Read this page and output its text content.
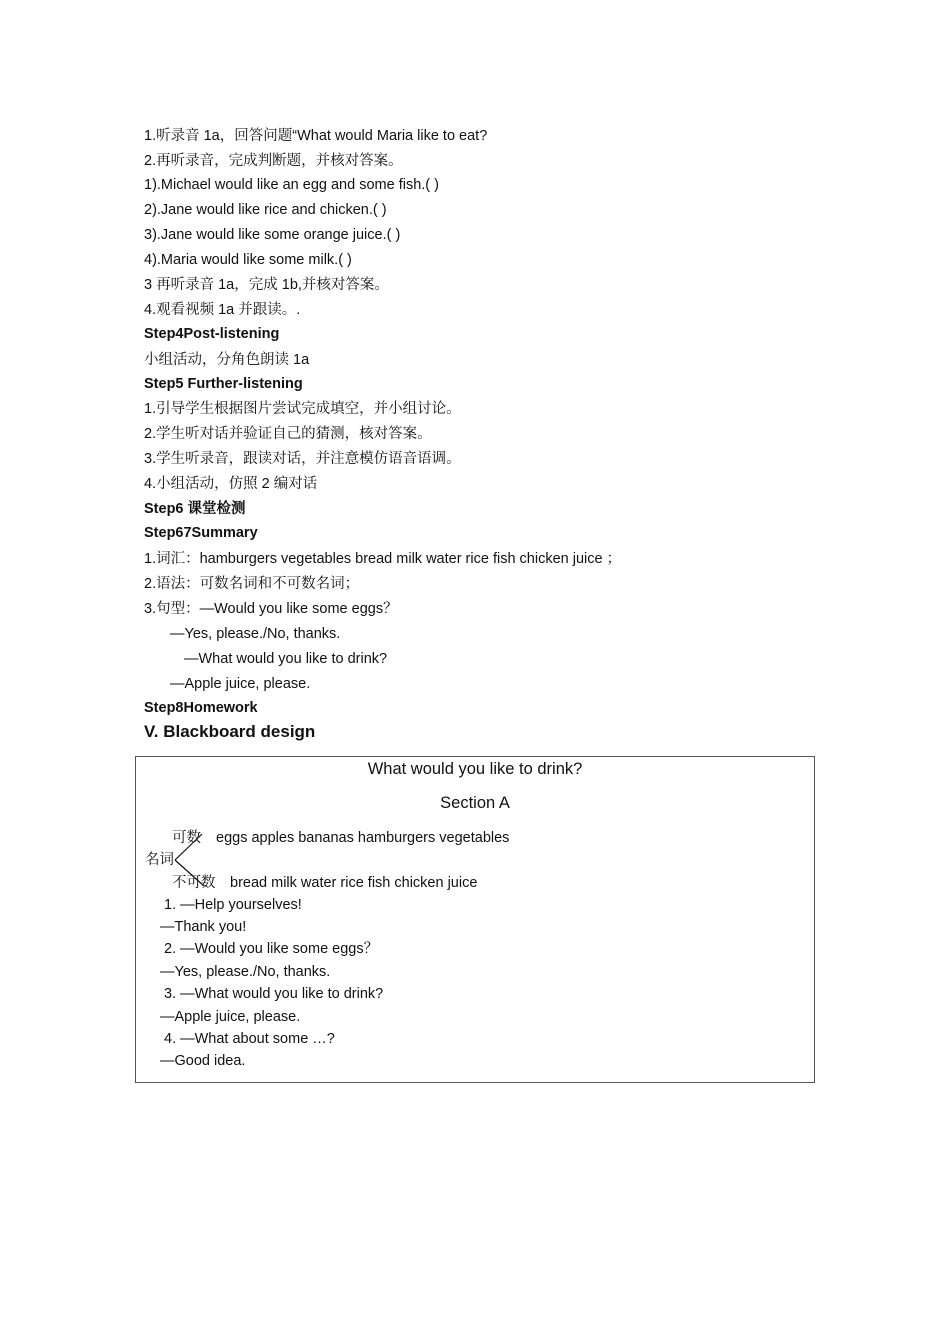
1.听录音 1a，回答问题“What would Maria like to eat?
2.再听录音，完成判断题，并核对答案。
1).Michael would like an egg and some fish.( )
2).Jane would like rice and chicken.( )
3).Jane would like some orange juice.( )
4).Maria would like some milk.( )
3 再听录音 1a，完成 1b,并核对答案。
4.观看视频 1a 并跟读。.
Step4Post-listening
小组活动，分角色朗读 1a
Step5 Further-listening
1.引导学生根据图片尝试完成填空，并小组讨论。
2.学生听对话并验证自己的猜测，核对答案。
3.学生听录音，跟读对话，并注意模仿语音语调。
4.小组活动，仿照 2 编对话
Step6 课堂检测
Step67Summary
1.词汇：hamburgers vegetables bread milk water rice fish chicken juice ；
2.语法：可数名词和不可数名词；
3.句型：—Would you like some eggs？
—Yes, please./No, thanks.
—What would you like to drink?
—Apple juice, please.
Step8Homework
V. Blackboard design
What would you like to drink?
Section A
可数 eggs apples bananas hamburgers vegetables
名词
不可数 bread milk water rice fish chicken juice
1. —Help yourselves!
—Thank you!
2. —Would you like some eggs？
—Yes, please./No, thanks.
3. —What would you like to drink?
—Apple juice, please.
4. —What about some …?
—Good idea.
